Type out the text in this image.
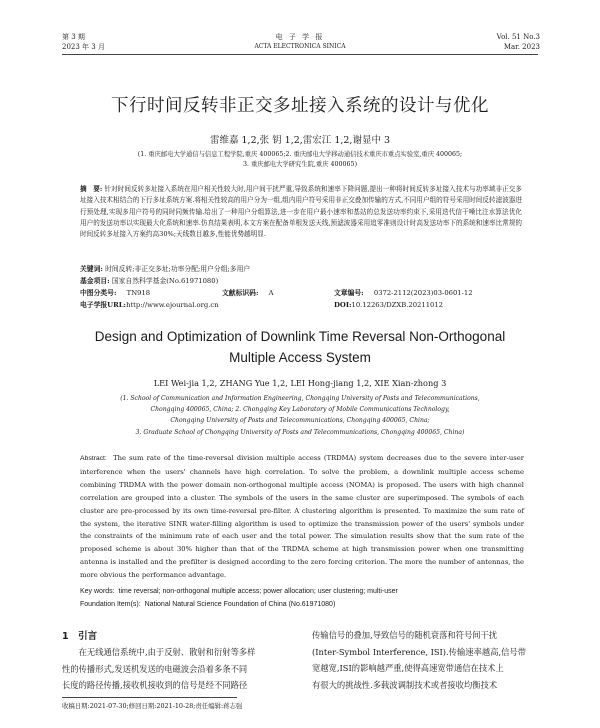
第 3 期
2023 年 3 月
电 子 学 报
ACTA ELECTRONICA SINICA
Vol. 51 No.3
Mar. 2023
下行时间反转非正交多址接入系统的设计与优化
雷维嘉 1,2,张 钥 1,2,雷宏江 1,2,谢显中 3
(1. 重庆邮电大学通信与信息工程学院,重庆 400065;2. 重庆邮电大学移动通信技术重庆市重点实验室,重庆 400065;
3. 重庆邮电大学研究生院,重庆 400065)
摘　要: 针对时间反转多址接入系统在用户相关性较大时,用户间干扰严重,导致系统和速率下降问题,提出一种将时间反转多址接入技术与功率域非正交多址接入技术相结合的下行多址系统方案.将相关性较高的用户分为一组,组内用户符号采用非正交叠加传输的方式,不同用户组的符号采用时间反转滤波器进行预处理,实现多用户符号的同时同频传输.给出了一种用户分组算法,进一步在用户最小速率和基站的总发送功率约束下,采用迭代信干噪比注水算法优化用户的发送功率以实现最大化系统和速率.仿真结果表明,本文方案在配备单根发送天线,预滤波器采用追零准则设计时高发送功率下的系统和速率比常规的时间反转多址接入方案约高30%;天线数目越多,性能优势越明显.
关键词: 时间反转;非正交多址;功率分配;用户分组;多用户
基金项目: 国家自然科学基金(No.61971080)
中图分类号: TN918	文献标识码: A	文章编号: 0372-2112(2023)03-0601-12
电子学报URL:http://www.ejournal.org.cn	DOI:10.12263/DZXB.20211012
Design and Optimization of Downlink Time Reversal Non-Orthogonal
Multiple Access System
LEI Wei-jia 1,2, ZHANG Yue 1,2, LEI Hong-jiang 1,2, XIE Xian-zhong 3
(1. School of Communication and Information Engineering, Chongqing University of Posts and Telecommunications,
Chongqing 400065, China; 2. Chongqing Key Laboratory of Mobile Communications Technology,
Chongqing University of Posts and Telecommunications, Chongqing 400065, China;
3. Graduate School of Chongqing University of Posts and Telecommunications, Chongqing 400065, China)
Abstract: The sum rate of the time-reversal division multiple access (TRDMA) system decreases due to the severe inter-user interference when the users' channels have high correlation. To solve the problem, a downlink multiple access scheme combining TRDMA with the power domain non-orthogonal multiple access (NOMA) is proposed. The users with high channel correlation are grouped into a cluster. The symbols of the users in the same cluster are superimposed. The symbols of each cluster are pre-processed by its own time-reversal pre-filter. A clustering algorithm is presented. To maximize the sum rate of the system, the iterative SINR water-filling algorithm is used to optimize the transmission power of the users' symbols under the constraints of the minimum rate of each user and the total power. The simulation results show that the sum rate of the proposed scheme is about 30% higher than that of the TRDMA scheme at high transmission power when one transmitting antenna is installed and the prefilter is designed according to the zero forcing criterion. The more the number of antennas, the more obvious the performance advantage.
Key words: time reversal; non-orthogonal multiple access; power allocation; user clustering; multi-user
Foundation Item(s): National Natural Science Foundation of China (No.61971080)
1　引言
　　在无线通信系统中,由于反射、散射和衍射等多样
性的传播形式,发送机发送的电磁波会沿着多条不同
长度的路径传播,接收机接收到的信号是经不同路径
传输信号的叠加,导致信号的随机衰落和符号间干扰
(Inter-Symbol Interference, ISI).传输速率越高,信号带
宽越宽,ISI的影响越严重,使得高速宽带通信在技术上
有很大的挑战性.多载波调制技术或者接收均衡技术
收稿日期:2021-07-30;修回日期:2021-10-28;责任编辑:蒋志强
